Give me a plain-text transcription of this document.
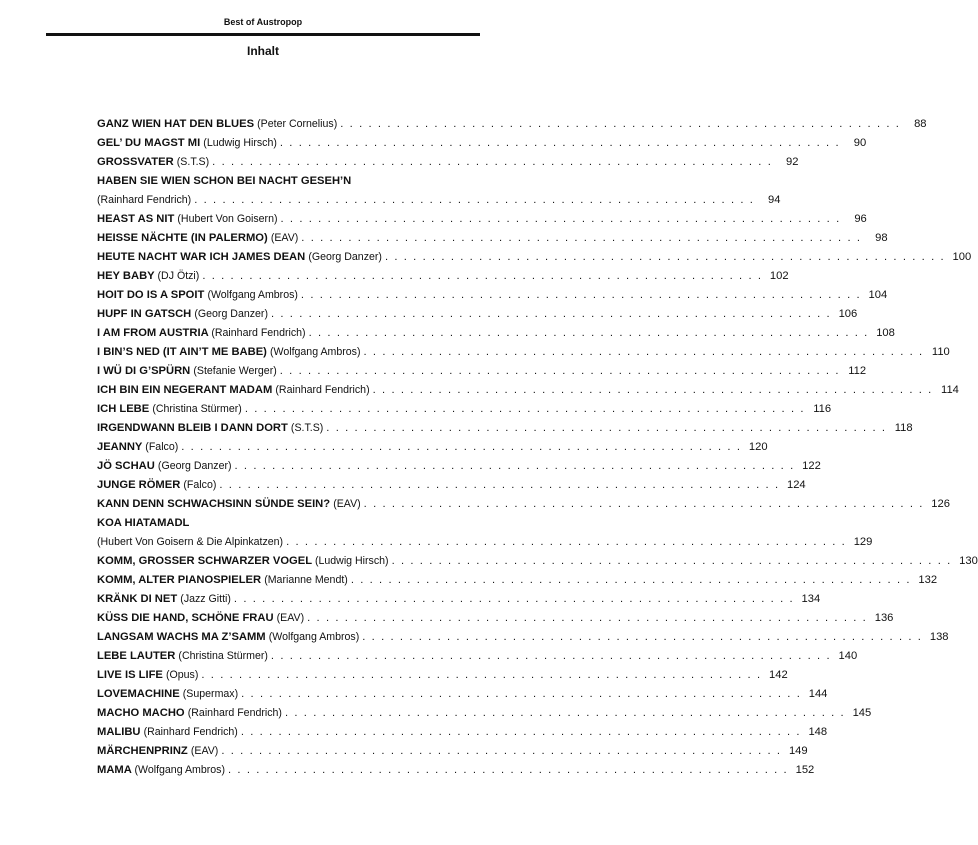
Best of Austropop
Inhalt
GANZ WIEN HAT DEN BLUES (Peter Cornelius) . . . . . . . . . . . . . . . . . . . . . . . . . . . . . . . . . . . . . . . . . . . . . . . . . . . . . . . . . . . .	88
GEL’ DU MAGST MI (Ludwig Hirsch) . . . . . . . . . . . . . . . . . . . . . . . . . . . . . . . . . . . . . . . . . . . . . . . . . . . . . . . . . . . .	90
GROSSVATER (S.T.S) . . . . . . . . . . . . . . . . . . . . . . . . . . . . . . . . . . . . . . . . . . . . . . . . . . . . . . . . . . . .	92
HABEN SIE WIEN SCHON BEI NACHT GESEH’N
(Rainhard Fendrich) . . . . . . . . . . . . . . . . . . . . . . . . . . . . . . . . . . . . . . . . . . . . . . . . . . . . . . . . . . . .	94
HEAST AS NIT (Hubert Von Goisern) . . . . . . . . . . . . . . . . . . . . . . . . . . . . . . . . . . . . . . . . . . . . . . . . . . . . . . . . . . . .	96
HEISSE NÄCHTE (IN PALERMO) (EAV) . . . . . . . . . . . . . . . . . . . . . . . . . . . . . . . . . . . . . . . . . . . . . . . . . . . . . . . . . . . .	98
HEUTE NACHT WAR ICH JAMES DEAN (Georg Danzer) . . . . . . . . . . . . . . . . . . . . . . . . . . . . . . . . . . . . . . . . . . . . . . . . . . . . . . . . . . . . 100
HEY BABY (DJ Ötzi) . . . . . . . . . . . . . . . . . . . . . . . . . . . . . . . . . . . . . . . . . . . . . . . . . . . . . . . . . . . . 102
HOIT DO IS A SPOIT (Wolfgang Ambros) . . . . . . . . . . . . . . . . . . . . . . . . . . . . . . . . . . . . . . . . . . . . . . . . . . . . . . . . . . . . 104
HUPF IN GATSCH (Georg Danzer) . . . . . . . . . . . . . . . . . . . . . . . . . . . . . . . . . . . . . . . . . . . . . . . . . . . . . . . . . . . . 106
I AM FROM AUSTRIA (Rainhard Fendrich) . . . . . . . . . . . . . . . . . . . . . . . . . . . . . . . . . . . . . . . . . . . . . . . . . . . . . . . . . . . . 108
I BIN’S NED (IT AIN’T ME BABE) (Wolfgang Ambros) . . . . . . . . . . . . . . . . . . . . . . . . . . . . . . . . . . . . . . . . . . . . . . . . . . . . . . . . . . . . 110
I WÜ DI G’SPÜRN (Stefanie Werger) . . . . . . . . . . . . . . . . . . . . . . . . . . . . . . . . . . . . . . . . . . . . . . . . . . . . . . . . . . . . 112
ICH BIN EIN NEGERANT MADAM (Rainhard Fendrich) . . . . . . . . . . . . . . . . . . . . . . . . . . . . . . . . . . . . . . . . . . . . . . . . . . . . . . . . . . . . 114
ICH LEBE (Christina Stürmer) . . . . . . . . . . . . . . . . . . . . . . . . . . . . . . . . . . . . . . . . . . . . . . . . . . . . . . . . . . . . 116
IRGENDWANN BLEIB I DANN DORT (S.T.S) . . . . . . . . . . . . . . . . . . . . . . . . . . . . . . . . . . . . . . . . . . . . . . . . . . . . . . . . . . . . 118
JEANNY (Falco) . . . . . . . . . . . . . . . . . . . . . . . . . . . . . . . . . . . . . . . . . . . . . . . . . . . . . . . . . . . . 120
JÖ SCHAU (Georg Danzer) . . . . . . . . . . . . . . . . . . . . . . . . . . . . . . . . . . . . . . . . . . . . . . . . . . . . . . . . . . . . 122
JUNGE RÖMER (Falco) . . . . . . . . . . . . . . . . . . . . . . . . . . . . . . . . . . . . . . . . . . . . . . . . . . . . . . . . . . . . 124
KANN DENN SCHWACHSINN SÜNDE SEIN? (EAV) . . . . . . . . . . . . . . . . . . . . . . . . . . . . . . . . . . . . . . . . . . . . . . . . . . . . . . . . . . . . 126
KOA HIATAMADL
(Hubert Von Goisern & Die Alpinkatzen) . . . . . . . . . . . . . . . . . . . . . . . . . . . . . . . . . . . . . . . . . . . . . . . . . . . . . . . . . . . . 129
KOMM, GROSSER SCHWARZER VOGEL (Ludwig Hirsch) . . . . . . . . . . . . . . . . . . . . . . . . . . . . . . . . . . . . . . . . . . . . . . . . . . . . . . . . . . . . 130
KOMM, ALTER PIANOSPIELER (Marianne Mendt) . . . . . . . . . . . . . . . . . . . . . . . . . . . . . . . . . . . . . . . . . . . . . . . . . . . . . . . . . . . . 132
KRÄNK DI NET (Jazz Gitti) . . . . . . . . . . . . . . . . . . . . . . . . . . . . . . . . . . . . . . . . . . . . . . . . . . . . . . . . . . . . 134
KÜSS DIE HAND, SCHÖNE FRAU (EAV) . . . . . . . . . . . . . . . . . . . . . . . . . . . . . . . . . . . . . . . . . . . . . . . . . . . . . . . . . . . . 136
LANGSAM WACHS MA Z’SAMM (Wolfgang Ambros) . . . . . . . . . . . . . . . . . . . . . . . . . . . . . . . . . . . . . . . . . . . . . . . . . . . . . . . . . . . . 138
LEBE LAUTER (Christina Stürmer) . . . . . . . . . . . . . . . . . . . . . . . . . . . . . . . . . . . . . . . . . . . . . . . . . . . . . . . . . . . . 140
LIVE IS LIFE (Opus) . . . . . . . . . . . . . . . . . . . . . . . . . . . . . . . . . . . . . . . . . . . . . . . . . . . . . . . . . . . . 142
LOVEMACHINE (Supermax) . . . . . . . . . . . . . . . . . . . . . . . . . . . . . . . . . . . . . . . . . . . . . . . . . . . . . . . . . . . . 144
MACHO MACHO (Rainhard Fendrich) . . . . . . . . . . . . . . . . . . . . . . . . . . . . . . . . . . . . . . . . . . . . . . . . . . . . . . . . . . . . 145
MALIBU (Rainhard Fendrich) . . . . . . . . . . . . . . . . . . . . . . . . . . . . . . . . . . . . . . . . . . . . . . . . . . . . . . . . . . . . 148
MÄRCHENPRINZ (EAV) . . . . . . . . . . . . . . . . . . . . . . . . . . . . . . . . . . . . . . . . . . . . . . . . . . . . . . . . . . . . 149
MAMA (Wolfgang Ambros) . . . . . . . . . . . . . . . . . . . . . . . . . . . . . . . . . . . . . . . . . . . . . . . . . . . . . . . . . . . . 152
